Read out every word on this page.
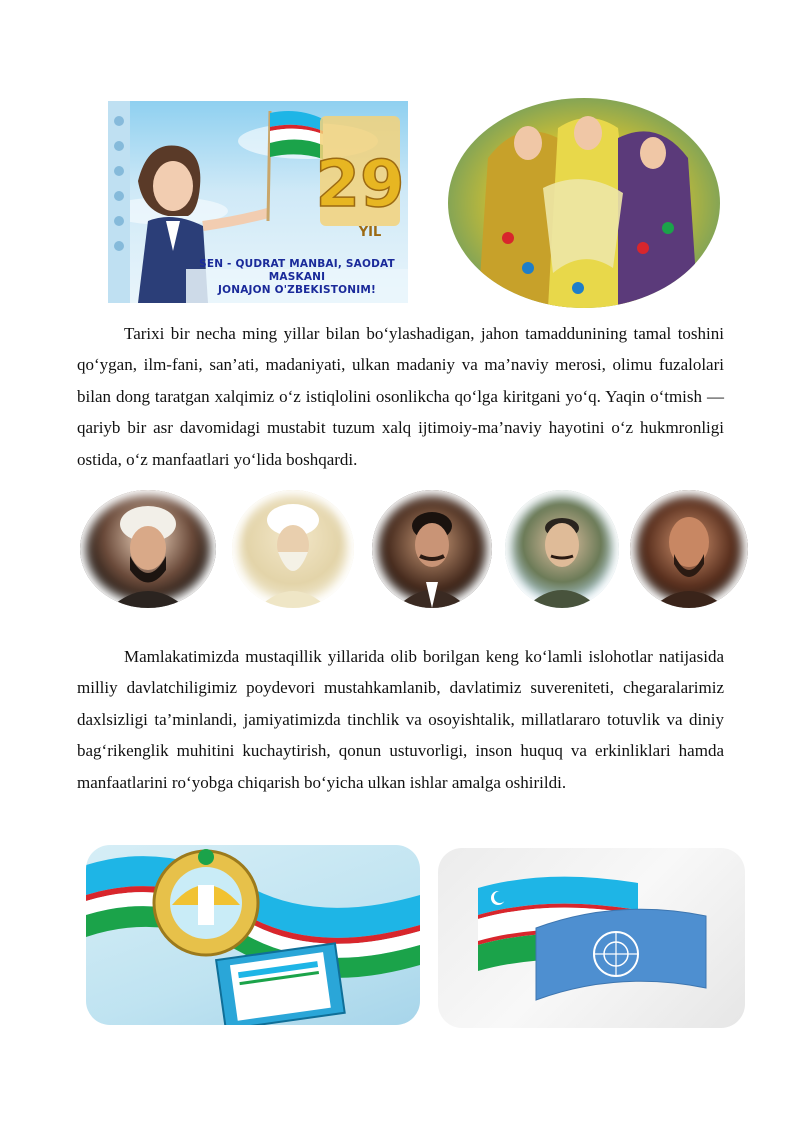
29
YIL
SEN - QUDRAT MANBAI, SAODAT MASKANI
JONAJON O'ZBEKISTONIM!

Tarixi bir necha ming yillar bilan bo‘ylashadigan, jahon tamaddunining tamal toshini qo‘ygan, ilm-fani, san’ati, madaniyati, ulkan madaniy va ma’naviy merosi, olimu fuzalolari bilan dong taratgan xalqimiz o‘z istiqlolini osonlikcha qo‘lga kiritgani yo‘q. Yaqin o‘tmish — qariyb bir asr davomidagi mustabit tuzum xalq ijtimoiy-ma’naviy hayotini o‘z hukmronligi ostida, o‘z manfaatlari yo‘lida boshqardi.

Mamlakatimizda mustaqillik yillarida olib borilgan keng ko‘lamli islohotlar natijasida milliy davlatchiligimiz poydevori mustahkamlanib, davlatimiz suvereniteti, chegaralarimiz daxlsizligi ta’minlandi, jamiyatimizda tinchlik va osoyishtalik, millatlararo totuvlik va diniy bag‘rikenglik muhitini kuchaytirish, qonun ustuvorligi, inson huquq va erkinliklari hamda manfaatlarini ro‘yobga chiqarish bo‘yicha ulkan ishlar amalga oshirildi.
